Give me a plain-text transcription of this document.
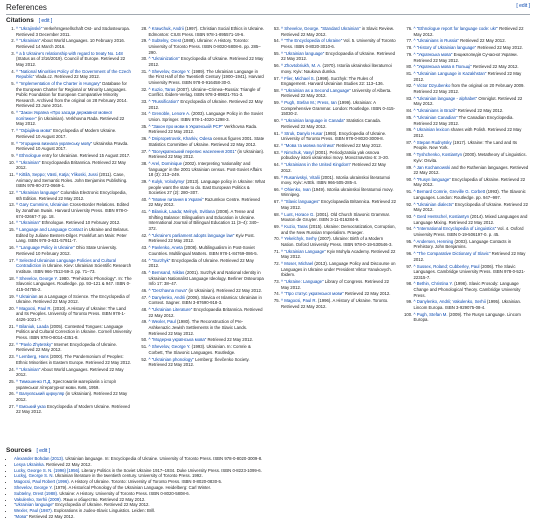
References	[ edit ]
Citations [ edit ]
1. ^ "Ukrajinské" Verkehrsgesellschaft Ost- und Südosteuropa. Retrieved 3 December 2011.
2. ^ "Ukrainian" About World Languages. 10 February 2016. Retrieved 14 March 2016.
3. ^ a b Ukraine's relationship with regard to treaty No. 148 (Status as of 2/16/2019). Council of Europe. Retrieved 22 May 2012.
4. ^ "National Minorities Policy of the Government of the Czech Republic" Vlada.cz. Retrieved 22 May 2012.
5. ^ "Implementation of the Charter in Hungary" Database for the European Charter for Regional or Minority Languages. Public Foundation for European Comparative Minority Research. Archived from the original on 28 February 2014. Retrieved 23 June 2014.
6. ^ "Закон Україна «Про засади державної мовної політики»" (in Ukrainian). Verkhovna Rada. Retrieved 22 May 2012.
7. ^ "Офіційна мова" Encyclopedia of Modern Ukraine. Retrieved 10 August 2017.
8. ^ "Угорщина визнала українську мову" Ukrainska Pravda. Retrieved 10 August 2017.
9. ^ Ethnologue entry for Ukrainian. Retrieved 15 August 2017.
10. ^ "Ukrainian" Encyclopaedia Britannica. Retrieved 22 May 2012.
11. ^ Kittilä, Seppo; Västi, Katja; Ylikoski, Jussi (2011). Case, Animacy and Semantic Roles. John Benjamins Publishing. ISBN 978-90-272-0669-1.
12. ^ "Ukrainian language" Columbia Electronic Encyclopedia, 6th Edition. Retrieved 22 May 2012.
13. ^ Gary Cummins, Ukrainian Cross-Border Relations. Edited by Jonathan Swain. Harvard University Press. ISBN 978-0-674-02667-7 pp. 18.
14. ^ "Ukrainian" Ethnologue. Retrieved 10 February 2012.
15. ^ Language and Language Contact in Ukraine and Belarus. Edited by Juliane Besters-Dilger. Frankfurt am Main: Peter Lang. ISBN 978-3-631-57911-7.
16. ^ "Language Policy in Ukraine" Ohio State University. Retrieved 10 February 2012.
17. ^ Selected Ukrainian Language Policies and Cultural Contradiction in Ukraine. Kiev: Ukrainian Scientific Research Institute. ISBN 966-7513-59-3. pp. 71–73.
18. ^ Shevelov, George Y. 1980. "Prehistoric Phonology". In: The Slavonic Languages. Routledge. pp. 93–121 & 947. ISBN 0-415-04755-2.
19. ^ Ukrainian as a Language of Science. The Encyclopedia of Ukraine. Retrieved 22 May 2012.
20. ^ Magocsi, Paul R. (2010). A History of Ukraine: The Land and Its Peoples. University of Toronto Press. ISBN 978-1-4426-1021-7.
21. ^ Bilaniuk, Laada (2005). Contested Tongues: Language Politics and Cultural Correction in Ukraine. Cornell University Press. ISBN 978-0-8014-4351-8.
22. ^ "Pavlo Zhytetsky" Internet Encyclopedia of Ukraine. Retrieved 22 May 2012.
23. ^ Lemberg, Hans (2000). The Pandemonium of Peoples: Ethnic Minorities in Eastern Europe. Retrieved 22 May 2012.
24. ^ "Ukrainian" About World Languages. Retrieved 22 May 2012.
25. ^ Тимошенко П.Д. Хрестоматія матеріалів з історії української літературної мови. Київ, 1959.
26. ^ Валуєвський циркуляр (in Ukrainian). Retrieved 22 May 2012.
27. ^ Емський указ Encyclopedia of Modern Ukraine. Retrieved 22 May 2012.
28. ^ Krawchuk, Andrii (1997). Christian Social Ethics in Ukraine. Edmonton: CIUS Press. ISBN 978-1-895571-19-6.
29. ^ Subtelny, Orest (1988). Ukraine: A History. Toronto: University of Toronto Press. ISBN 0-8020-5808-6. pp. 285–290.
30. ^ "Ukrainization" Encyclopedia of Ukraine. Retrieved 22 May 2012.
31. ^ Shevelov, George Y. (1989). The Ukrainian Language in the First Half of the Twentieth Century (1900–1941). Harvard University Press. ISBN 978-0-916458-30-0.
32. ^ Kuzio, Taras (2007). Ukraine–Crimea–Russia: Triangle of Conflict. Ibidem-Verlag. ISBN 978-3-89821-761-3.
33. ^ "Russification" Encyclopedia of Ukraine. Retrieved 22 May 2012.
34. ^ Grenoble, Lenore A. (2003). Language Policy in the Soviet Union. Springer. ISBN 978-1-4020-1298-3.
35. ^ "Закон про мови в Українській РСР" Verkhovna Rada. Retrieved 22 May 2012.
36. ^ Dnipropetrovsk, Kharkiv, Odesa census figures 2001. State Statistics Committee of Ukraine. Retrieved 22 May 2012.
37. ^ "Всеукраїнський перепис населення 2001" (in Ukrainian). Retrieved 22 May 2012.
38. ^ Arel, Dominique (2002). Interpreting 'nationality' and 'language' in the 2001 Ukrainian census. Post-Soviet Affairs 18 (3): 213–249.
39. ^ Kulyk, Volodymyr (2013). Language policy in Ukraine: What people want the state to do. East European Politics & Societies 27 (2): 280–307.
40. ^ "Мовне питання в Україні" Razumkov Centre. Retrieved 22 May 2012.
41. ^ Bilaniuk, Laada; Melnyk, Svitlana (2008). A Tense and Shifting Balance: Bilingualism and Education in Ukraine. International Journal of Bilingual Education 11 (3–4): 340–372.
42. ^ "Ukraine's parliament adopts language law" Kyiv Post. Retrieved 22 May 2012.
43. ^ Pavlenko, Aneta (2008). Multilingualism in Post-Soviet Countries. Multilingual Matters. ISBN 978-1-84769-086-5.
44. ^ "Surzhyk" Encyclopedia of Ukraine. Retrieved 22 May 2012.
45. ^ Bernsand, Niklas (2001). Surzhyk and National Identity in Ukrainian Nationalist Language Ideology. Berliner Osteuropa Info 17: 38–47.
46. ^ "Derzhavna mova" (in Ukrainian). Retrieved 22 May 2012.
47. ^ Danylenko, Andrii (2006). Slavica et Islamica: Ukrainian in Context. Sagner. ISBN 3-87690-918-3.
48. ^ "Ukrainian Literature" Encyclopaedia Britannica. Retrieved 22 May 2012.
49. ^ Wexler, Paul (1980). The Reconstruction of Pre-Ashkenazic Jewish Settlements in the Slavic Lands. Retrieved 22 May 2012.
50. ^ "Модерна українська мова" Retrieved 22 May 2012.
51. ^ Shevelov, George Y. (1993). Ukrainian. In: Comrie & Corbett, The Slavonic Languages. Routledge.
52. ^ "Ukrainian phonology" Lemberg: Ševčenko Society. Retrieved 22 May 2012.
53. ^ Shevelov, George. "Standard Ukrainian" in Slavic Review. Retrieved 22 May 2012.
54. ^ "The Encyclopedia of Ukraine" Vol. 5. University of Toronto Press. ISBN 0-8020-3010-6.
55. ^ "Ukrainian language" Encyclopaedia of Ukraine. Retrieved 22 May 2012.
56. ^ Zhovtobriukh, M. A. (1970). Istoriia ukrainskoi literaturnoi movy. Kyiv: Naukova dumka.
57. ^ Flier, Michael S. (1998). Surzhyk: The Rules of Engagement. Harvard Ukrainian Studies 22: 113–136.
58. ^ "Ukrainian as a Second Language" University of Alberta. Retrieved 22 May 2012.
59. ^ Pugh, Stefan M.; Press, Ian (1999). Ukrainian: A Comprehensive Grammar. London: Routledge. ISBN 0-415-15030-2.
60. ^ "Ukrainian language in Canada" Statistics Canada. Retrieved 22 May 2012.
61. ^ Struk, Danylo Husar (1993). Encyclopedia of Ukraine. University of Toronto Press. ISBN 978-0-8020-3009-8.
62. ^ "Мова та мовна політика" Retrieved 22 May 2012.
63. ^ Nimchuk, Vasyl (2001). Periodyzatsiia yak osnova pobudovy istorii ukrainskoi movy. Movoznavstvo 6: 3–20.
64. ^ "Ukrainians in the United Kingdom" Retrieved 22 May 2012.
65. ^ Rusanivskyi, Vitalii (2001). Istoriia ukrainskoi literaturnoi movy. Kyiv: ArtEk. ISBN 966-505-285-4.
66. ^ Ohienko, Ivan (1949). Istoriia ukrainskoi literaturnoi movy. Winnipeg.
67. ^ "Slavic languages" Encyclopaedia Britannica. Retrieved 22 May 2012.
68. ^ Lunt, Horace G. (2001). Old Church Slavonic Grammar. Mouton de Gruyter. ISBN 3-11-016284-9.
69. ^ Kuzio, Taras (2015). Ukraine: Democratization, Corruption, and the New Russian Imperialism. Praeger.
70. ^ Yekelchyk, Serhy (2007). Ukraine: Birth of a Modern Nation. Oxford University Press. ISBN 978-0-19-530546-3.
71. ^ "Ukrainian Language" Kyiv Mohyla Academy. Retrieved 22 May 2012.
72. ^ Moser, Michael (2013). Language Policy and Discourse on Languages in Ukraine under President Viktor Yanukovych. Ibidem.
73. ^ "Ukraine: Language" Library of Congress. Retrieved 22 May 2012.
74. ^ "Про статус української мови" Retrieved 22 May 2012.
75. ^ Magocsi, Paul R. (1996). A History of Ukraine. Toronto. Retrieved 22 May 2012.
76. ^ "Ethnologue report for language code: ukr" Retrieved 22 May 2012.
77. ^ "Ukrainians in Russia" Retrieved 22 May 2012.
78. ^ "History of Ukrainian language" Retrieved 22 May 2012.
79. ^ "Українська мова" Енциклопедія Сучасної України. Retrieved 22 May 2012.
80. ^ "Українська мова в Польщі" Retrieved 22 May 2012.
81. ^ "Ukrainian Language in Kazakhstan" Retrieved 22 May 2012.
82. ^ Victor Dzyubenko from the original on 20 February 2009. Retrieved 22 May 2012.
83. ^ "Ukrainian language - alphabet" Omniglot. Retrieved 22 May 2012.
84. ^ "Ukrainians in Brazil" Retrieved 22 May 2012.
85. ^ "Ukrainian Canadian" The Canadian Encyclopedia. Retrieved 22 May 2012.
86. ^ Ukrainian lexicon shares with Polish. Retrieved 22 May 2012.
87. ^ Stepan Rudnytsky (1917). Ukraine: The Land and Its People. New York.
88. ^ Tyshchenko, Kostiantyn (2000). Metatheory of Linguistics. Kyiv: Osvita.
89. ^ Jan Kochanowski and the Ruthenian languages. Retrieved 22 May 2012.
90. ^ "Rusyn language" Encyclopedia of Ukraine. Retrieved 22 May 2012.
91. ^ Bernard Comrie, Greville G. Corbett (1993). The Slavonic Languages. London: Routledge. pp. 947–997.
92. ^ "Ukrainian dialects" Encyclopedia of Ukraine. Retrieved 22 May 2012.
93. ^ Gerd Hentschel, Kostiantyn (2014). Mixed Languages and Language Mixing. Retrieved 22 May 2012.
94. ^ "International Encyclopedia of Linguistics" Vol. 4. Oxford University Press. ISBN 0-19-506197-0. p. 45.
95. ^ Andersen, Henning (2003). Language Contacts in Prehistory. John Benjamins.
96. ^ "The Comparative Dictionary of Slavic" Retrieved 22 May 2012.
97. ^ Sussex, Roland; Cubberley, Paul (2006). The Slavic Languages. Cambridge University Press. ISBN 978-0-521-22315-7.
98. ^ Bethin, Christina Y. (1998). Slavic Prosody: Language Change and Phonological Theory. Cambridge University Press.
99. ^ Danylenko, Andrii; Vakulenko, Serhii (1995). Ukrainian. Lincom Europa. ISBN 3-929075-08-4.
100. ^ Pugh, Stefan M. (2009). The Rusyn Language. Lincom Europa.
Sources [ edit ]
• Alexander Bohdan (2013). Ukrainian language. In: Encyclopedia of Ukraine. University of Toronto Press. ISBN 978-0-8020-3009-8.
• Lesya Ukrainka. Retrieved 22 May 2012.
• Lucky, George S. N. (1996) [1956]. Literary Politics in the Soviet Ukraine 1917–1934. Duke University Press. ISBN 0-8223-1099-6.
• Luckyj, George S. N. Ukrainian literature in the twentieth century. University of Toronto Press. 1992.
• Magocsi, Paul Robert (1996). A History of Ukraine. Toronto: University of Toronto Press. ISBN 0-8020-0830-5.
• Shevelov, George Y. (1979). A Historical Phonology of the Ukrainian Language. Heidelberg: Carl Winter.
• Subtelny, Orest (1988). Ukraine: A History. University of Toronto Press. ISBN 0-8020-5808-6.
• Vakulenko, Serhii (2009). Язык и общество. Retrieved 22 May 2012.
• "Ukrainian language" Encyclopedia of Ukraine. Retrieved 22 May 2012.
• Wexler, Paul (1987). Explorations in Judeo-Slavic Linguistics. Leiden: Brill.
• "Мова" Retrieved 22 May 2012.
